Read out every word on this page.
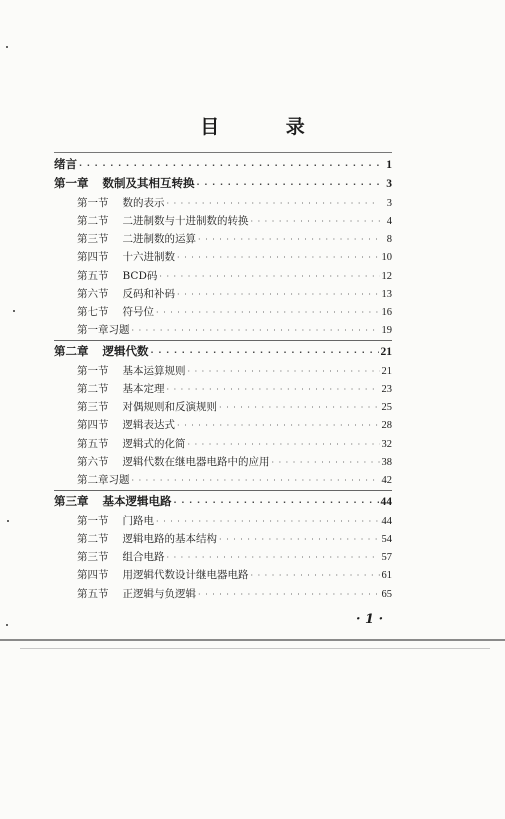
目 录
绪言 · · ·	1
第一章 数制及其相互转换 · · ·	3
第一节 数的表示 · · ·	3
第二节 二进制数与十进制数的转换 · · ·	4
第三节 二进制数的运算 · · ·	8
第四节 十六进制数 · · ·	10
第五节 BCD码 · · ·	12
第六节 反码和补码 · · ·	13
第七节 符号位 · · ·	16
第一章习题 · · ·	19
第二章 逻辑代数 · · ·	21
第一节 基本运算规则 · · ·	21
第二节 基本定理 · · ·	23
第三节 对偶规则和反演规则 · · ·	25
第四节 逻辑表达式 · · ·	28
第五节 逻辑式的化简 · · ·	32
第六节 逻辑代数在继电器电路中的应用 · · ·	38
第二章习题 · · ·	42
第三章 基本逻辑电路 · · ·	44
第一节 门路电 · · ·	44
第二节 逻辑电路的基本结构 · · ·	54
第三节 组合电路 · · ·	57
第四节 用逻辑代数设计继电器电路 · · ·	61
第五节 正逻辑与负逻辑 · · ·	65
· 1 ·
